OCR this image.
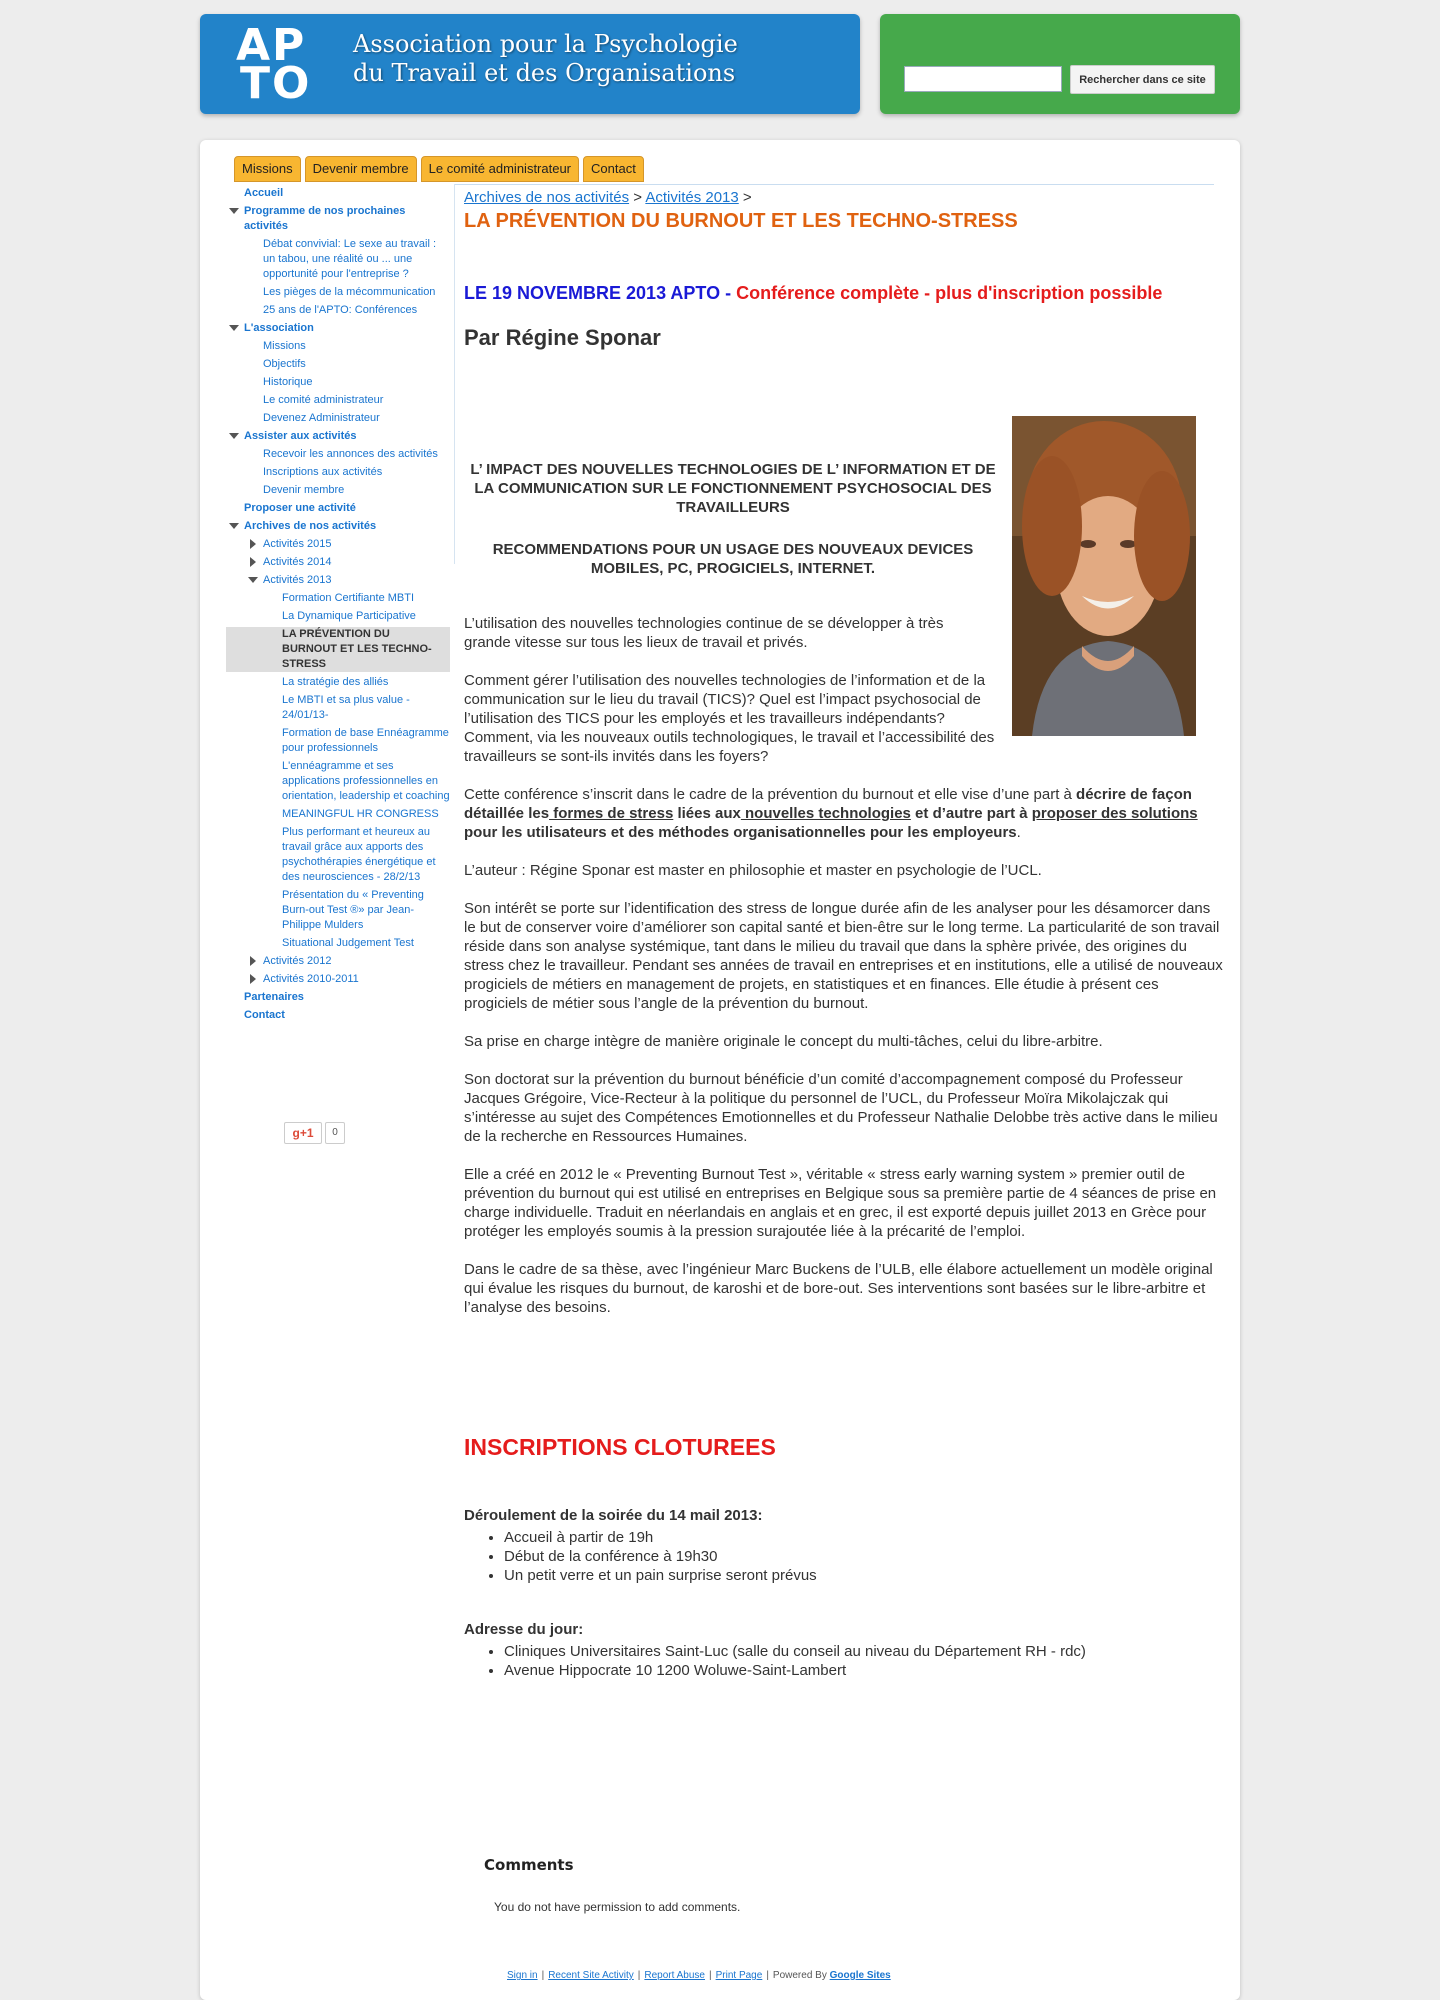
AP
TO
Association pour la Psychologie
du Travail et des Organisations	Rechercher dans ce site
Missions	Devenir membre	Le comité administrateur	Contact
Accueil
Programme de nos prochaines activités
Débat convivial: Le sexe au travail : un tabou, une réalité ou ... une opportunité pour l'entreprise ?
Les pièges de la mécommunication
25 ans de l'APTO: Conférences
L'association
Missions
Objectifs
Historique
Le comité administrateur
Devenez Administrateur
Assister aux activités
Recevoir les annonces des activités
Inscriptions aux activités
Devenir membre
Proposer une activité
Archives de nos activités
Activités 2015
Activités 2014
Activités 2013
Formation Certifiante MBTI
La Dynamique Participative
LA PRÉVENTION DU BURNOUT ET LES TECHNO-STRESS
La stratégie des alliés
Le MBTI et sa plus value - 24/01/13-
Formation de base Ennéagramme pour professionnels
L'ennéagramme et ses applications professionnelles en orientation, leadership et coaching
MEANINGFUL HR CONGRESS
Plus performant et heureux au travail grâce aux apports des psychothérapies énergétique et des neurosciences - 28/2/13
Présentation du « Preventing Burn-out Test ®» par Jean-Philippe Mulders
Situational Judgement Test
Activités 2012
Activités 2010-2011
Partenaires
Contact
g+1	0
Archives de nos activités > Activités 2013 >
LA PRÉVENTION DU BURNOUT ET LES TECHNO-STRESS
LE 19 NOVEMBRE 2013 APTO - Conférence complète - plus d'inscription possible
Par Régine Sponar
L’ IMPACT DES NOUVELLES TECHNOLOGIES DE L’ INFORMATION ET DE LA COMMUNICATION SUR LE FONCTIONNEMENT PSYCHOSOCIAL DES TRAVAILLEURS
RECOMMENDATIONS POUR UN USAGE DES NOUVEAUX DEVICES MOBILES, PC, PROGICIELS, INTERNET.

L’utilisation des nouvelles technologies continue de se développer à très grande vitesse sur tous les lieux de travail et privés.

Comment gérer l’utilisation des nouvelles technologies de l’information et de la communication sur le lieu du travail (TICS)? Quel est l’impact psychosocial de l’utilisation des TICS pour les employés et les travailleurs indépendants? Comment, via les nouveaux outils technologiques, le travail et l’accessibilité des travailleurs se sont-ils invités dans les foyers?

Cette conférence s’inscrit dans le cadre de la prévention du burnout et elle vise d’une part à décrire de façon détaillée les formes de stress liées aux nouvelles technologies et d’autre part à proposer des solutions pour les utilisateurs et des méthodes organisationnelles pour les employeurs.

L’auteur : Régine Sponar est master en philosophie et master en psychologie de l’UCL.

Son intérêt se porte sur l’identification des stress de longue durée afin de les analyser pour les désamorcer dans le but de conserver voire d’améliorer son capital santé et bien-être sur le long terme. La particularité de son travail réside dans son analyse systémique, tant dans le milieu du travail que dans la sphère privée, des origines du stress chez le travailleur. Pendant ses années de travail en entreprises et en institutions, elle a utilisé de nouveaux progiciels de métiers en management de projets, en statistiques et en finances. Elle étudie à présent ces progiciels de métier sous l’angle de la prévention du burnout.

Sa prise en charge intègre de manière originale le concept du multi-tâches, celui du libre-arbitre.

Son doctorat sur la prévention du burnout bénéficie d’un comité d’accompagnement composé du Professeur Jacques Grégoire, Vice-Recteur à la politique du personnel de l’UCL, du Professeur Moïra Mikolajczak qui s’intéresse au sujet des Compétences Emotionnelles et du Professeur Nathalie Delobbe très active dans le milieu de la recherche en Ressources Humaines.

Elle a créé en 2012 le « Preventing Burnout Test », véritable « stress early warning system » premier outil de prévention du burnout qui est utilisé en entreprises en Belgique sous sa première partie de 4 séances de prise en charge individuelle. Traduit en néerlandais en anglais et en grec, il est exporté depuis juillet 2013 en Grèce pour protéger les employés soumis à la pression surajoutée liée à la précarité de l’emploi.

Dans le cadre de sa thèse, avec l’ingénieur Marc Buckens de l’ULB, elle élabore actuellement un modèle original qui évalue les risques du burnout, de karoshi et de bore-out. Ses interventions sont basées sur le libre-arbitre et l’analyse des besoins.

INSCRIPTIONS CLOTUREES
Déroulement de la soirée du 14 mail 2013:
• Accueil à partir de 19h
• Début de la conférence à 19h30
• Un petit verre et un pain surprise seront prévus
Adresse du jour:
• Cliniques Universitaires Saint-Luc (salle du conseil au niveau du Département RH - rdc)
• Avenue Hippocrate 10 1200 Woluwe-Saint-Lambert
Comments
You do not have permission to add comments.
Sign in | Recent Site Activity | Report Abuse | Print Page | Powered By Google Sites
